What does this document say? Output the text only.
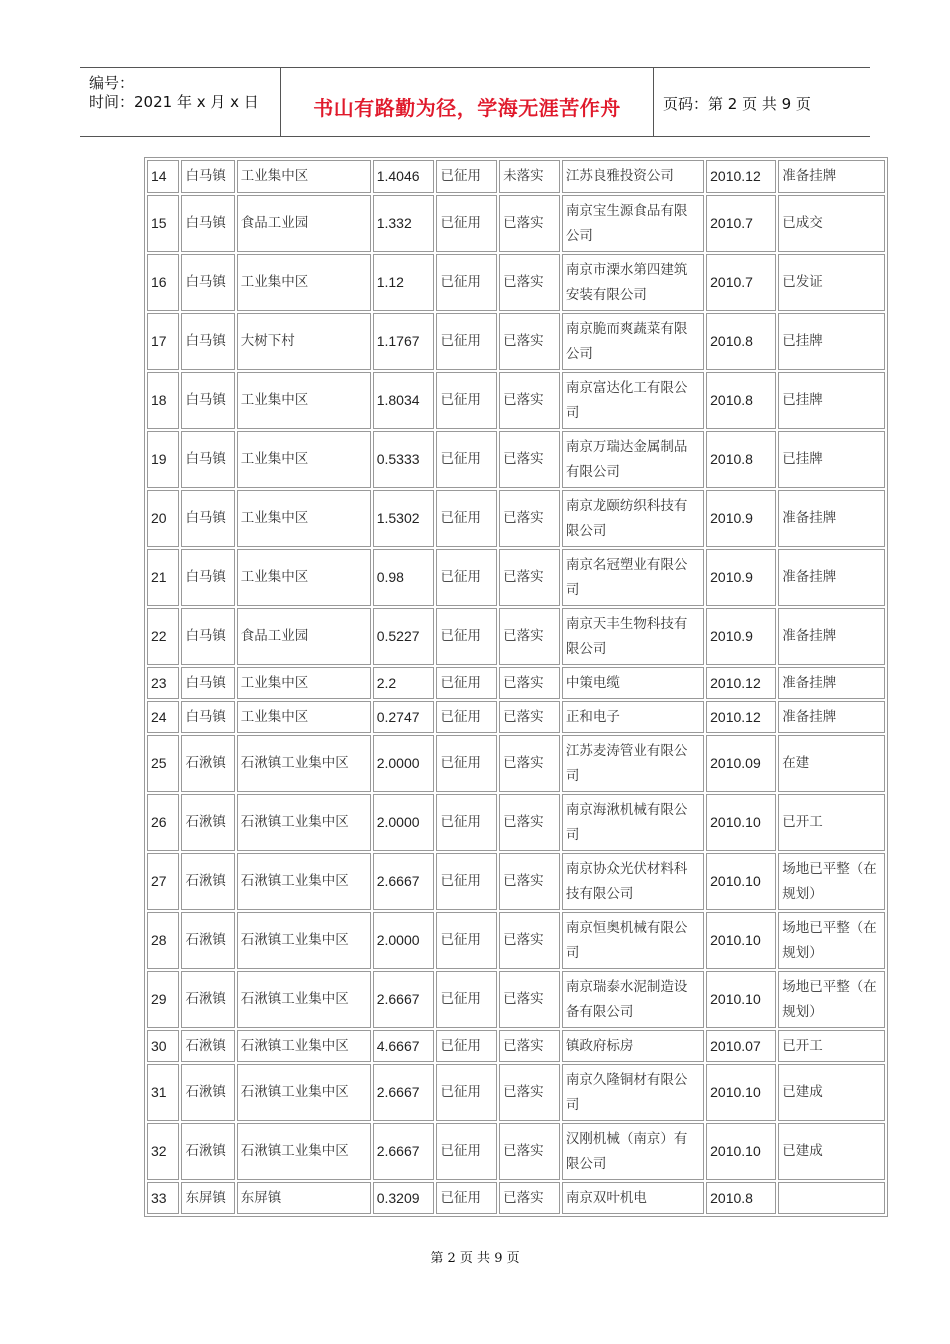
编号：
时间：2021 年 x 月 x 日	书山有路勤为径，学海无涯苦作舟	页码：第 2 页 共 9 页
14	白马镇	工业集中区	1.4046	已征用	未落实	江苏良雅投资公司	2010.12	准备挂牌
15	白马镇	食品工业园	1.332	已征用	已落实	南京宝生源食品有限公司	2010.7	已成交
16	白马镇	工业集中区	1.12	已征用	已落实	南京市溧水第四建筑安装有限公司	2010.7	已发证
17	白马镇	大树下村	1.1767	已征用	已落实	南京脆而爽蔬菜有限公司	2010.8	已挂牌
18	白马镇	工业集中区	1.8034	已征用	已落实	南京富达化工有限公司	2010.8	已挂牌
19	白马镇	工业集中区	0.5333	已征用	已落实	南京万瑞达金属制品有限公司	2010.8	已挂牌
20	白马镇	工业集中区	1.5302	已征用	已落实	南京龙颐纺织科技有限公司	2010.9	准备挂牌
21	白马镇	工业集中区	0.98	已征用	已落实	南京名冠塑业有限公司	2010.9	准备挂牌
22	白马镇	食品工业园	0.5227	已征用	已落实	南京天丰生物科技有限公司	2010.9	准备挂牌
23	白马镇	工业集中区	2.2	已征用	已落实	中策电缆	2010.12	准备挂牌
24	白马镇	工业集中区	0.2747	已征用	已落实	正和电子	2010.12	准备挂牌
25	石湫镇	石湫镇工业集中区	2.0000	已征用	已落实	江苏麦涛管业有限公司	2010.09	在建
26	石湫镇	石湫镇工业集中区	2.0000	已征用	已落实	南京海湫机械有限公司	2010.10	已开工
27	石湫镇	石湫镇工业集中区	2.6667	已征用	已落实	南京协众光伏材料科技有限公司	2010.10	场地已平整（在规划）
28	石湫镇	石湫镇工业集中区	2.0000	已征用	已落实	南京恒奥机械有限公司	2010.10	场地已平整（在规划）
29	石湫镇	石湫镇工业集中区	2.6667	已征用	已落实	南京瑞泰水泥制造设备有限公司	2010.10	场地已平整（在规划）
30	石湫镇	石湫镇工业集中区	4.6667	已征用	已落实	镇政府标房	2010.07	已开工
31	石湫镇	石湫镇工业集中区	2.6667	已征用	已落实	南京久隆铜材有限公司	2010.10	已建成
32	石湫镇	石湫镇工业集中区	2.6667	已征用	已落实	汉刚机械（南京）有限公司	2010.10	已建成
33	东屏镇	东屏镇	0.3209	已征用	已落实	南京双叶机电	2010.8	
第 2 页 共 9 页
